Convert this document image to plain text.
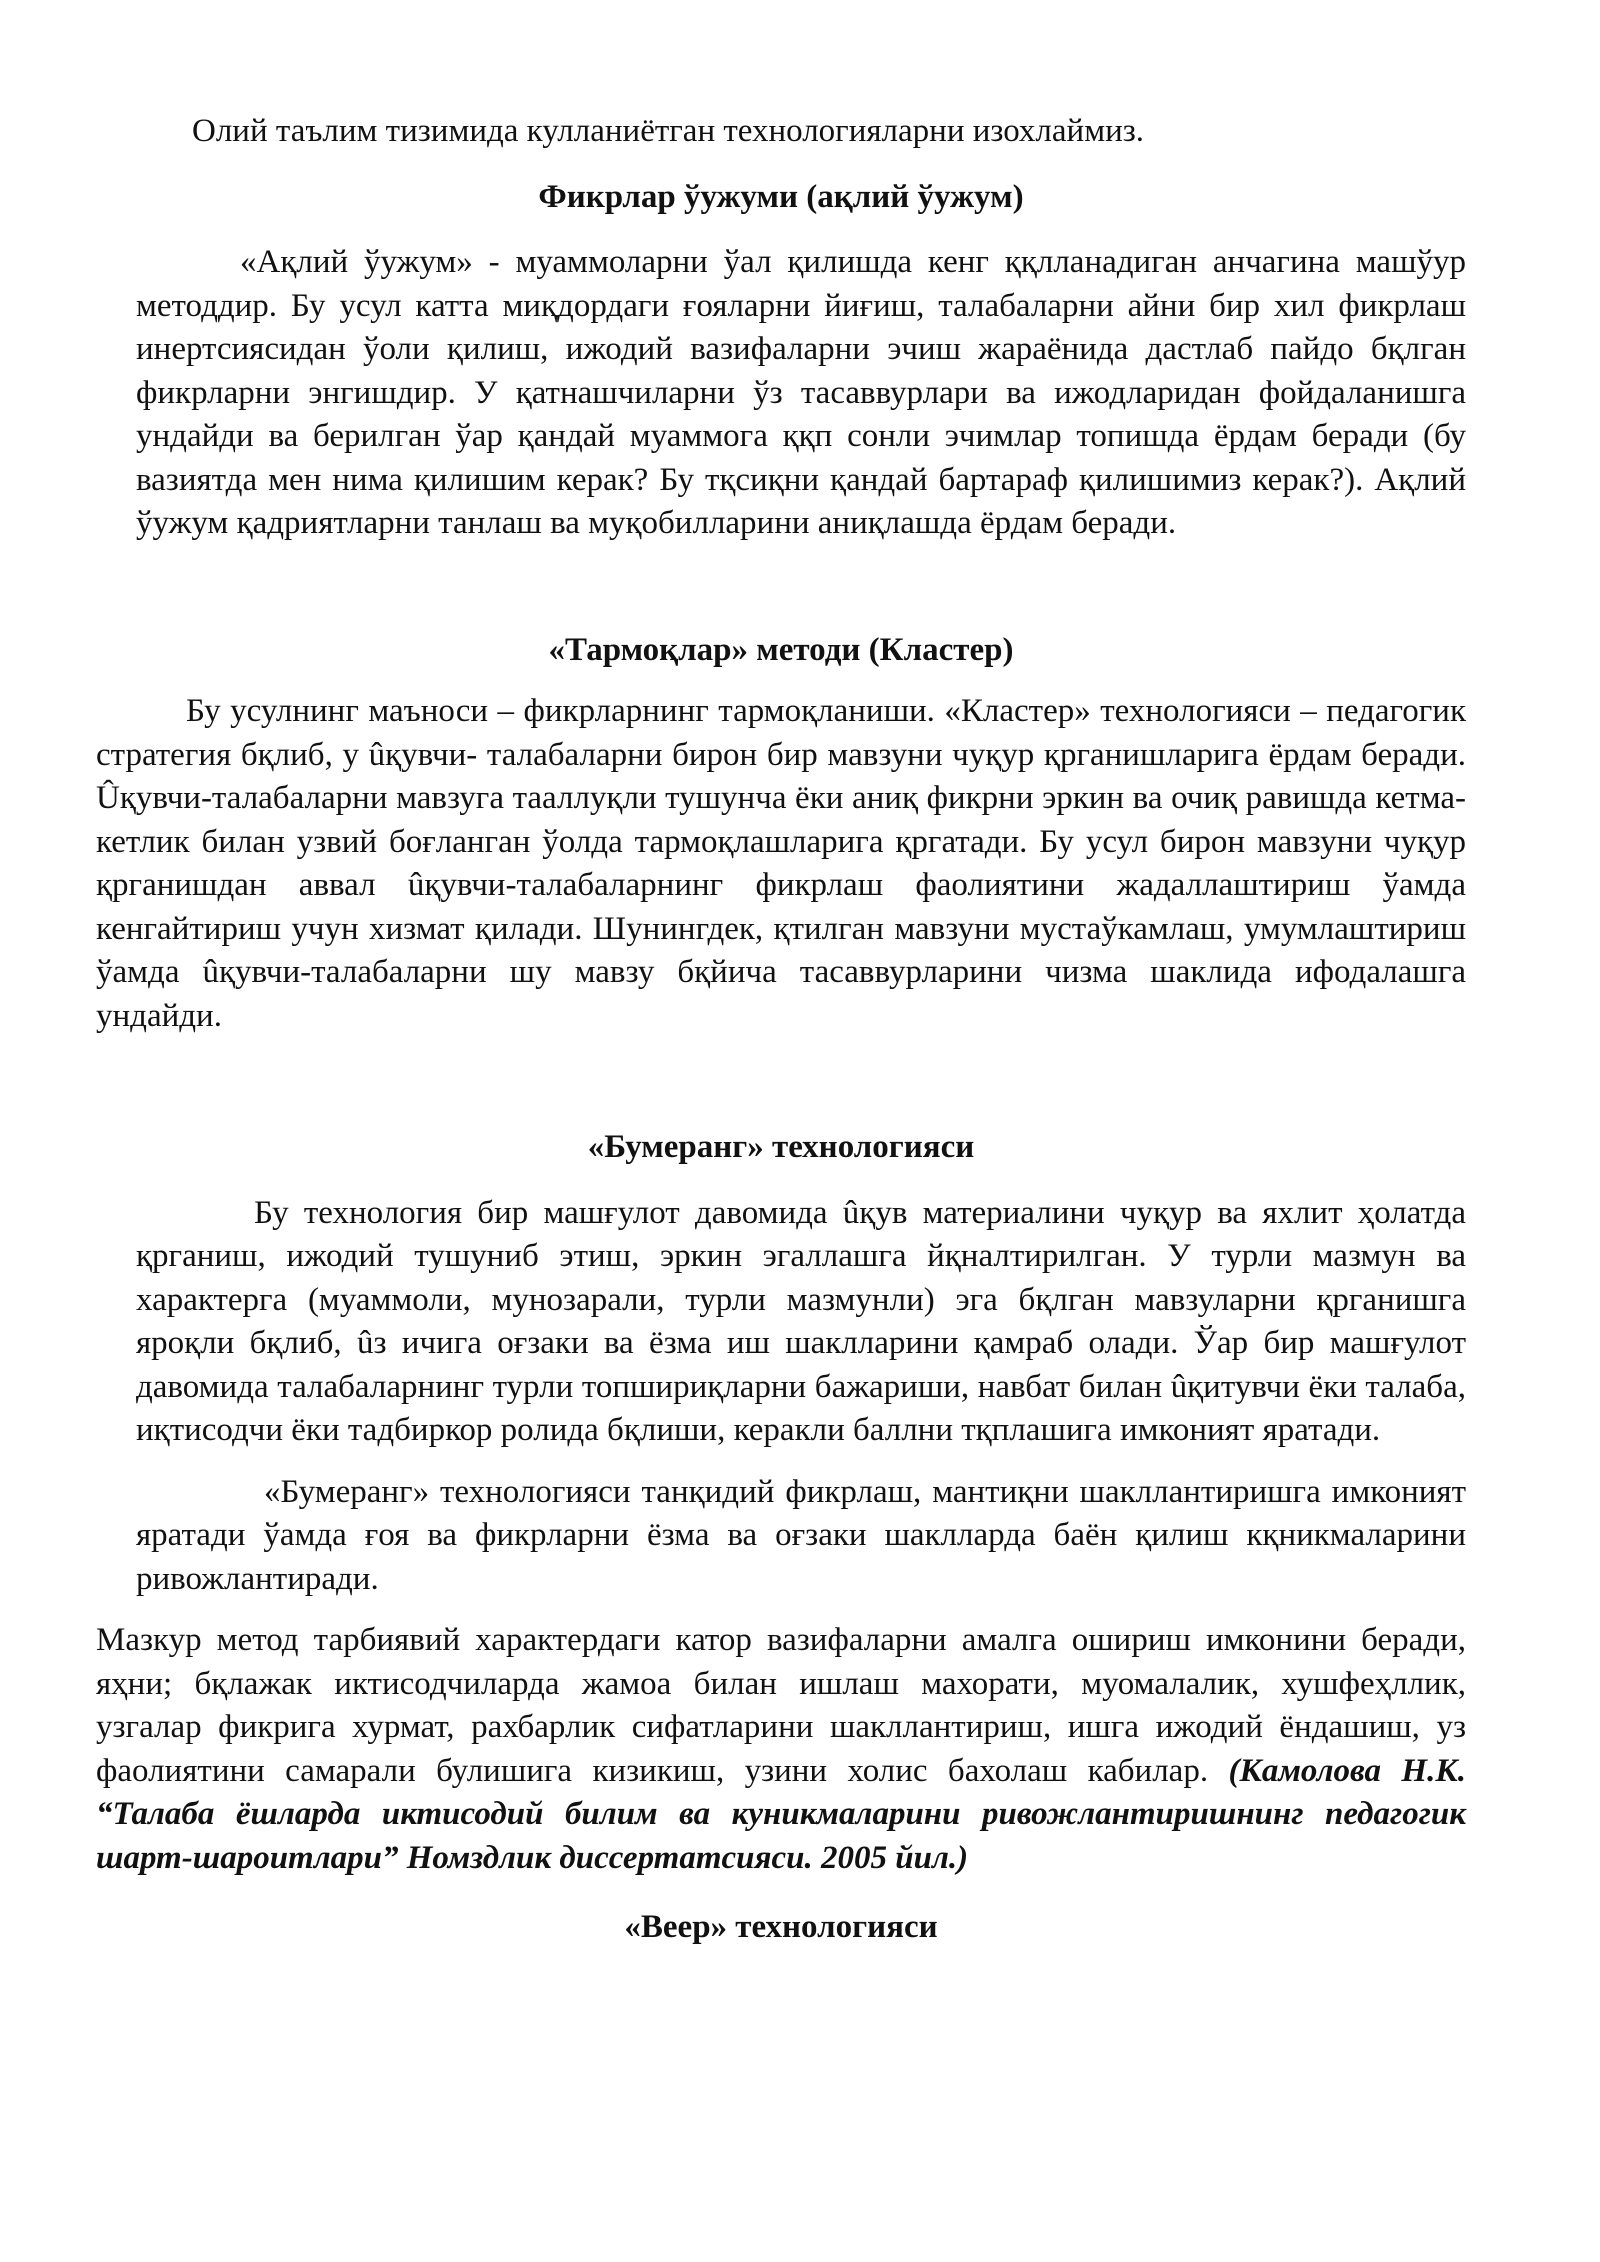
Олий таълим тизимида кулланиётган технологияларни изохлаймиз.

Фикрлар ўужуми (ақлий ўужум)

«Ақлий ўужум» - муаммоларни ўал қилишда кенг ққлланадиган анчагина машўур методдир. Бу усул катта миқдордаги ғояларни йиғиш, талабаларни айни бир хил фикрлаш инертсиясидан ўоли қилиш, ижодий вазифаларни эчиш жараёнида дастлаб пайдо бқлган фикрларни энгишдир. У қатнашчиларни ўз тасаввурлари ва ижодларидан фойдаланишга ундайди ва берилган ўар қандай муаммога ққп сонли эчимлар топишда ёрдам беради (бу вазиятда мен нима қилишим керак? Бу тқсиқни қандай бартараф қилишимиз керак?). Ақлий ўужум қадриятларни танлаш ва муқобилларини аниқлашда ёрдам беради.

«Тармоқлар» методи (Кластер)

Бу усулнинг маъноси – фикрларнинг тармоқланиши. «Кластер» технологияси – педагогик стратегия бқлиб, у ûқувчи- талабаларни бирон бир мавзуни чуқур қрганишларига ёрдам беради. Ûқувчи-талабаларни мавзуга тааллуқли тушунча ёки аниқ фикрни эркин ва очиқ равишда кетма-кетлик билан узвий боғланган ўолда тармоқлашларига қргатади. Бу усул бирон мавзуни чуқур қрганишдан аввал ûқувчи-талабаларнинг фикрлаш фаолиятини жадаллаштириш ўамда кенгайтириш учун хизмат қилади. Шунингдек, қтилган мавзуни мустаўкамлаш, умумлаштириш ўамда ûқувчи-талабаларни шу мавзу бқйича тасаввурларини чизма шаклида ифодалашга ундайди.

«Бумеранг» технологияси

Бу технология бир машғулот давомида ûқув материалини чуқур ва яхлит ҳолатда қрганиш, ижодий тушуниб этиш, эркин эгаллашга йқналтирилган. У турли мазмун ва характерга (муаммоли, мунозарали, турли мазмунли) эга бқлган мавзуларни қрганишга яроқли бқлиб, ûз ичига оғзаки ва ёзма иш шаклларини қамраб олади. Ўар бир машғулот давомида талабаларнинг турли топшириқларни бажариши, навбат билан ûқитувчи ёки талаба, иқтисодчи ёки тадбиркор ролида бқлиши, керакли баллни тқплашига имконият яратади.

«Бумеранг» технологияси танқидий фикрлаш, мантиқни шакллантиришга имконият яратади ўамда ғоя ва фикрларни ёзма ва оғзаки шаклларда баён қилиш кқникмаларини ривожлантиради.

Мазкур метод тарбиявий характердаги катор вазифаларни амалга ошириш имконини беради, яҳни; бқлажак иктисодчиларда жамоа билан ишлаш махорати, муомалалик, хушфеҳллик, узгалар фикрига хурмат, рахбарлик сифатларини шакллантириш, ишга ижодий ёндашиш, уз фаолиятини самарали булишига кизикиш, узини холис бахолаш кабилар. (Камолова Н.К. “Талаба ёшларда иктисодий билим ва куникмаларини ривожлантиришнинг педагогик шарт-шароитлари” Номздлик диссертатсияси. 2005 йил.)

«Веер» технологияси
